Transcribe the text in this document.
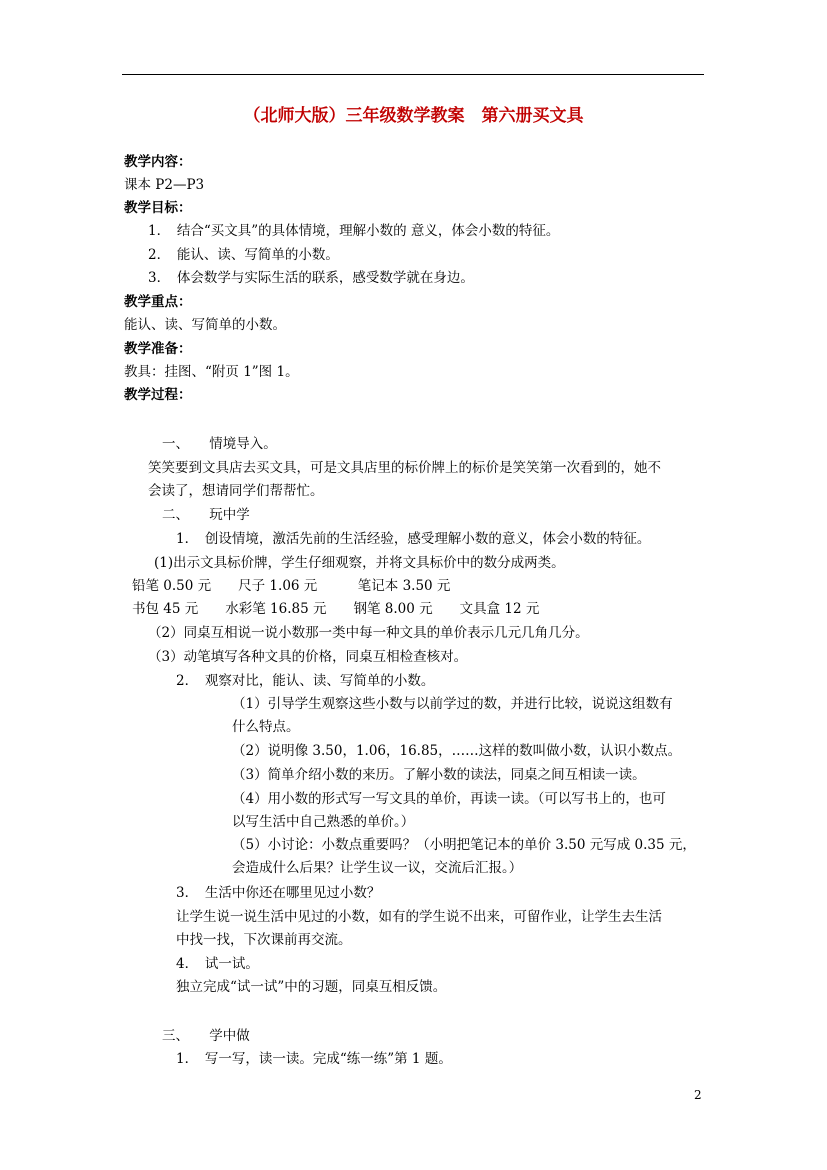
（北师大版）三年级数学教案　第六册买文具
教学内容：
课本 P2—P3
教学目标：
1．　结合“买文具”的具体情境，理解小数的 意义，体会小数的特征。
2．　能认、读、写简单的小数。
3．　体会数学与实际生活的联系，感受数学就在身边。
教学重点：
能认、读、写简单的小数。
教学准备：
教具：挂图、“附页 1”图 1。
教学过程：
一、　　情境导入。
笑笑要到文具店去买文具，可是文具店里的标价牌上的标价是笑笑第一次看到的，她不
会读了，想请同学们帮帮忙。
二、　　玩中学
1．　创设情境，激活先前的生活经验，感受理解小数的意义，体会小数的特征。
(1)出示文具标价牌，学生仔细观察，并将文具标价中的数分成两类。
铅笔 0.50 元　　尺子 1.06 元　　　笔记本 3.50 元
书包 45 元　　水彩笔 16.85 元　　钢笔 8.00 元　　文具盒 12 元
（2）同桌互相说一说小数那一类中每一种文具的单价表示几元几角几分。
（3）动笔填写各种文具的价格，同桌互相检查核对。
2．　观察对比，能认、读、写简单的小数。
（1）引导学生观察这些小数与以前学过的数，并进行比较，说说这组数有
什么特点。
（2）说明像 3.50，1.06，16.85，……这样的数叫做小数，认识小数点。
（3）简单介绍小数的来历。了解小数的读法，同桌之间互相读一读。
（4）用小数的形式写一写文具的单价，再读一读。（可以写书上的，也可
以写生活中自己熟悉的单价。）
（5）小讨论：小数点重要吗？（小明把笔记本的单价 3.50 元写成 0.35 元，
会造成什么后果？让学生议一议，交流后汇报。）
3．　生活中你还在哪里见过小数？
让学生说一说生活中见过的小数，如有的学生说不出来，可留作业，让学生去生活
中找一找，下次课前再交流。
4．　试一试。
独立完成“试一试”中的习题，同桌互相反馈。
三、　　学中做
1．　写一写，读一读。完成“练一练”第 1 题。
2
